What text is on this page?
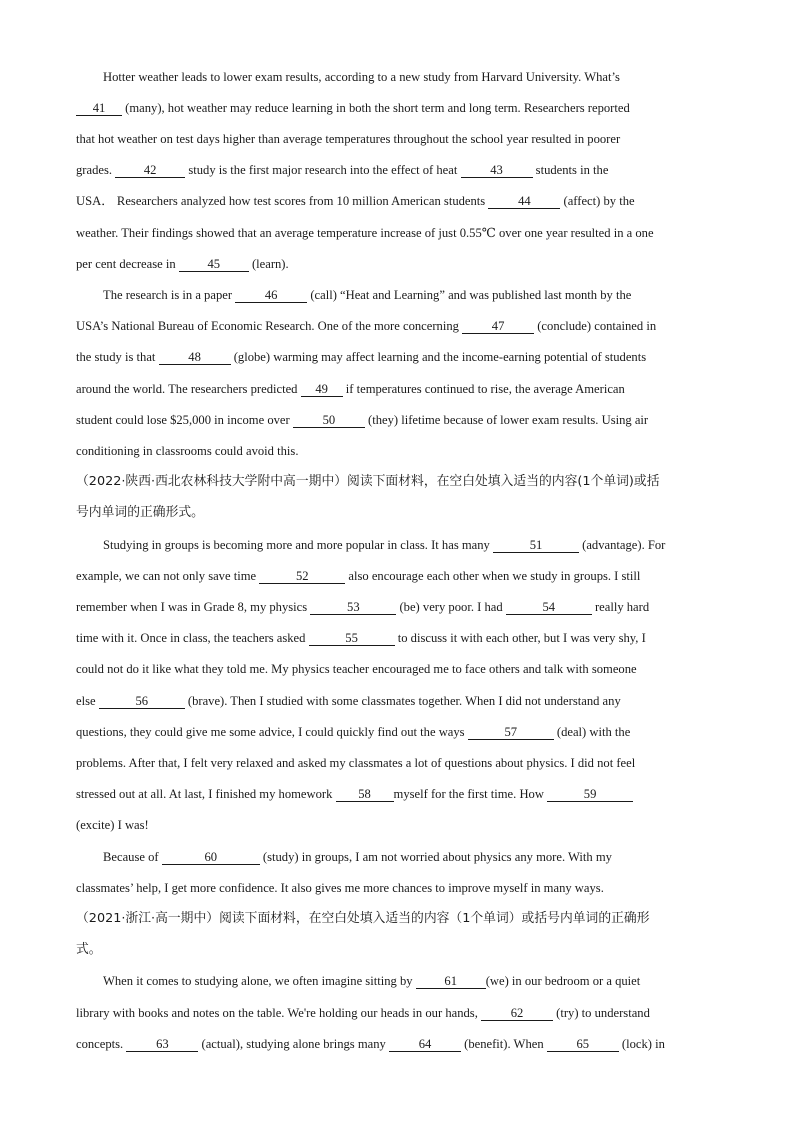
Hotter weather leads to lower exam results, according to a new study from Harvard University. What’s
41 (many), hot weather may reduce learning in both the short term and long term. Researchers reported
that hot weather on test days higher than average temperatures throughout the school year resulted in poorer
grades. 42 study is the first major research into the effect of heat 43 students in the
USA． Researchers analyzed how test scores from 10 million American students 44 (affect) by the
weather. Their findings showed that an average temperature increase of just 0.55℃ over one year resulted in a one
per cent decrease in 45 (learn).
The research is in a paper 46 (call) “Heat and Learning” and was published last month by the
USA’s National Bureau of Economic Research. One of the more concerning 47 (conclude) contained in
the study is that 48 (globe) warming may affect learning and the income-earning potential of students
around the world. The researchers predicted 49 if temperatures continued to rise, the average American
student could lose $25,000 in income over 50 (they) lifetime because of lower exam results. Using air
conditioning in classrooms could avoid this.
（2022·陕西·西北农林科技大学附中高一期中）阅读下面材料，在空白处填入适当的内容(1个单词)或括
号内单词的正确形式。
Studying in groups is becoming more and more popular in class. It has many	51	(advantage). For
example, we can not only save time	52	also encourage each other when we study in groups. I still
remember when I was in Grade 8, my physics	53	(be) very poor. I had	54	really hard
time with it. Once in class, the teachers asked	55	to discuss it with each other, but I was very shy, I
could not do it like what they told me. My physics teacher encouraged me to face others and talk with someone
else	56	(brave). Then I studied with some classmates together. When I did not understand any
questions, they could give me some advice, I could quickly find out the ways	57	(deal) with the
problems. After that, I felt very relaxed and asked my classmates a lot of questions about physics. I did not feel
stressed out at all. At last, I finished my homework 58 myself for the first time. How	59
(excite) I was!
Because of	60	(study) in groups, I am not worried about physics any more. With my
classmates’ help, I get more confidence. It also gives me more chances to improve myself in many ways.
（2021·浙江·高一期中）阅读下面材料，在空白处填入适当的内容（1个单词）或括号内单词的正确形
式。
When it comes to studying alone, we often imagine sitting by 61 (we) in our bedroom or a quiet
library with books and notes on the table. We're holding our heads in our hands, 62 (try) to understand
concepts. 63 (actual), studying alone brings many 64 (benefit). When 65 (lock) in
